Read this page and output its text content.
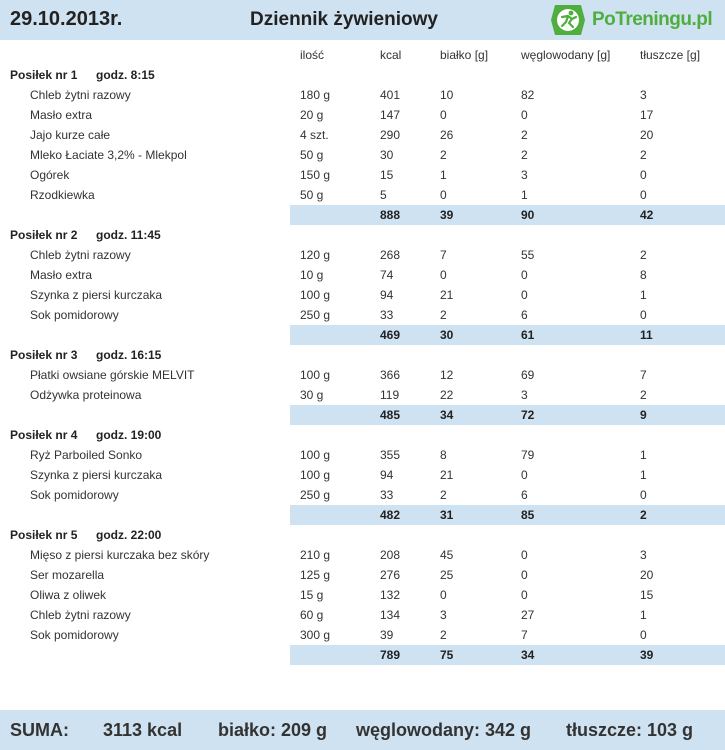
29.10.2013r.	Dziennik żywieniowy	PoTreningu.pl
ilość	kcal	białko [g]	węglowodany [g] tłuszcze [g]
Posiłek nr 1 godz. 8:15
Chleb żytni razowy	180 g	401	10	82	3
Masło extra	20 g	147	0	0	17
Jajo kurze całe	4 szt.	290	26	2	20
Mleko Łaciate 3,2% - Mlekpol	50 g	30	2	2	2
Ogórek	150 g	15	1	3	0
Rzodkiewka	50 g	5	0	1	0
888	39	90	42
Posiłek nr 2 godz. 11:45
Chleb żytni razowy	120 g	268	7	55	2
Masło extra	10 g	74	0	0	8
Szynka z piersi kurczaka	100 g	94	21	0	1
Sok pomidorowy	250 g	33	2	6	0
469	30	61	11
Posiłek nr 3 godz. 16:15
Płatki owsiane górskie MELVIT	100 g	366	12	69	7
Odżywka proteinowa	30 g	119	22	3	2
485	34	72	9
Posiłek nr 4 godz. 19:00
Ryż Parboiled Sonko	100 g	355	8	79	1
Szynka z piersi kurczaka	100 g	94	21	0	1
Sok pomidorowy	250 g	33	2	6	0
482	31	85	2
Posiłek nr 5 godz. 22:00
Mięso z piersi kurczaka bez skóry	210 g	208	45	0	3
Ser mozarella	125 g	276	25	0	20
Oliwa z oliwek	15 g	132	0	0	15
Chleb żytni razowy	60 g	134	3	27	1
Sok pomidorowy	300 g	39	2	7	0
789	75	34	39
SUMA: 3113 kcal białko: 209 g węglowodany: 342 g tłuszcze: 103 g
